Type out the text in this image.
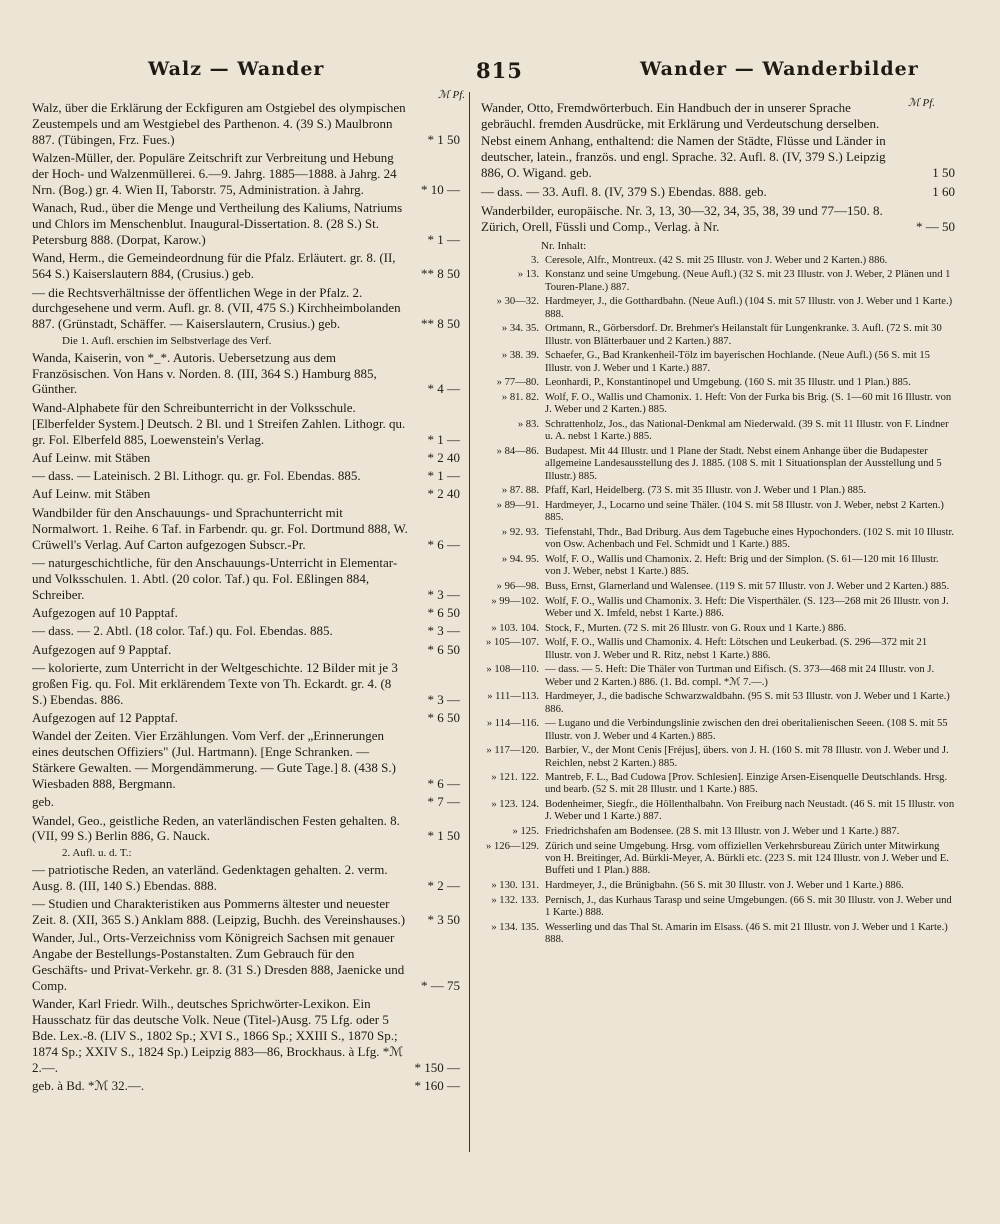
Walz — Wander	815	Wander — Wanderbilder
ℳ Pf.
ℳ Pf.
Walz, über die Erklärung der Eckfiguren am Ostgiebel des olympischen Zeustempels und am Westgiebel des Parthenon. 4. (39 S.) Maulbronn 887. (Tübingen, Frz. Fues.)	* 1 50
Walzen-Müller, der. Populäre Zeitschrift zur Verbreitung und Hebung der Hoch- und Walzenmüllerei. 6.—9. Jahrg. 1885—1888. à Jahrg. 24 Nrn. (Bog.) gr. 4. Wien II, Taborstr. 75, Administration. à Jahrg.	* 10 —
Wanach, Rud., über die Menge und Vertheilung des Kaliums, Natriums und Chlors im Menschenblut. Inaugural-Dissertation. 8. (28 S.) St. Petersburg 888. (Dorpat, Karow.)	* 1 —
Wand, Herm., die Gemeindeordnung für die Pfalz. Erläutert. gr. 8. (II, 564 S.) Kaiserslautern 884, (Crusius.) geb.	** 8 50
— die Rechtsverhältnisse der öffentlichen Wege in der Pfalz. 2. durchgesehene und verm. Aufl. gr. 8. (VII, 475 S.) Kirchheimbolanden 887. (Grünstadt, Schäffer. — Kaiserslautern, Crusius.) geb.	** 8 50
Die 1. Aufl. erschien im Selbstverlage des Verf.
Wanda, Kaiserin, von *_*. Autoris. Uebersetzung aus dem Französischen. Von Hans v. Norden. 8. (III, 364 S.) Hamburg 885, Günther.	* 4 —
Wand-Alphabete für den Schreibunterricht in der Volksschule. [Elberfelder System.] Deutsch. 2 Bl. und 1 Streifen Zahlen. Lithogr. qu. gr. Fol. Elberfeld 885, Loewenstein's Verlag.	* 1 —
Auf Leinw. mit Stäben	* 2 40
— dass. — Lateinisch. 2 Bl. Lithogr. qu. gr. Fol. Ebendas. 885.	* 1 —
Auf Leinw. mit Stäben	* 2 40
Wandbilder für den Anschauungs- und Sprachunterricht mit Normalwort. 1. Reihe. 6 Taf. in Farbendr. qu. gr. Fol. Dortmund 888, W. Crüwell's Verlag. Auf Carton aufgezogen Subscr.-Pr.	* 6 —
— naturgeschichtliche, für den Anschauungs-Unterricht in Elementar- und Volksschulen. 1. Abtl. (20 color. Taf.) qu. Fol. Eßlingen 884, Schreiber.	* 3 —
Aufgezogen auf 10 Papptaf.	* 6 50
— dass. — 2. Abtl. (18 color. Taf.) qu. Fol. Ebendas. 885.	* 3 —
Aufgezogen auf 9 Papptaf.	* 6 50
— kolorierte, zum Unterricht in der Weltgeschichte. 12 Bilder mit je 3 großen Fig. qu. Fol. Mit erklärendem Texte von Th. Eckardt. gr. 4. (8 S.) Ebendas. 886.	* 3 —
Aufgezogen auf 12 Papptaf.	* 6 50
Wandel der Zeiten. Vier Erzählungen. Vom Verf. der „Erinnerungen eines deutschen Offiziers" (Jul. Hartmann). [Enge Schranken. — Stärkere Gewalten. — Morgendämmerung. — Gute Tage.] 8. (438 S.) Wiesbaden 888, Bergmann.	* 6 —
geb.	* 7 —
Wandel, Geo., geistliche Reden, an vaterländischen Festen gehalten. 8. (VII, 99 S.) Berlin 886, G. Nauck.	* 1 50
2. Aufl. u. d. T.:
— patriotische Reden, an vaterländ. Gedenktagen gehalten. 2. verm. Ausg. 8. (III, 140 S.) Ebendas. 888.	* 2 —
— Studien und Charakteristiken aus Pommerns ältester und neuester Zeit. 8. (XII, 365 S.) Anklam 888. (Leipzig, Buchh. des Vereinshauses.)	* 3 50
Wander, Jul., Orts-Verzeichniss vom Königreich Sachsen mit genauer Angabe der Bestellungs-Postanstalten. Zum Gebrauch für den Geschäfts- und Privat-Verkehr. gr. 8. (31 S.) Dresden 888, Jaenicke und Comp.	* — 75
Wander, Karl Friedr. Wilh., deutsches Sprichwörter-Lexikon. Ein Hausschatz für das deutsche Volk. Neue (Titel-)Ausg. 75 Lfg. oder 5 Bde. Lex.-8. (LIV S., 1802 Sp.; XVI S., 1866 Sp.; XXIII S., 1870 Sp.; 1874 Sp.; XXIV S., 1824 Sp.) Leipzig 883—86, Brockhaus. à Lfg. *ℳ 2.—.	* 150 —
geb. à Bd. *ℳ 32.—.	* 160 —
Wander, Otto, Fremdwörterbuch. Ein Handbuch der in unserer Sprache gebräuchl. fremden Ausdrücke, mit Erklärung und Verdeutschung derselben. Nebst einem Anhang, enthaltend: die Namen der Städte, Flüsse und Länder in deutscher, latein., französ. und engl. Sprache. 32. Aufl. 8. (IV, 379 S.) Leipzig 886, O. Wigand. geb.	1 50
— dass. — 33. Aufl. 8. (IV, 379 S.) Ebendas. 888. geb.	1 60
Wanderbilder, europäische. Nr. 3, 13, 30—32, 34, 35, 38, 39 und 77—150. 8. Zürich, Orell, Füssli und Comp., Verlag. à Nr.	* — 50
Nr. Inhalt:
3. Ceresole, Alfr., Montreux. (42 S. mit 25 Illustr. von J. Weber und 2 Karten.) 886.
» 13. Konstanz und seine Umgebung. (Neue Aufl.) (32 S. mit 23 Illustr. von J. Weber, 2 Plänen und 1 Touren-Plane.) 887.
» 30—32. Hardmeyer, J., die Gotthardbahn. (Neue Aufl.) (104 S. mit 57 Illustr. von J. Weber und 1 Karte.) 888.
» 34. 35. Ortmann, R., Görbersdorf. Dr. Brehmer's Heilanstalt für Lungenkranke. 3. Aufl. (72 S. mit 30 Illustr. von Blätterbauer und 2 Karten.) 887.
» 38. 39. Schaefer, G., Bad Krankenheil-Tölz im bayerischen Hochlande. (Neue Aufl.) (56 S. mit 15 Illustr. von J. Weber und 1 Karte.) 887.
» 77—80. Leonhardi, P., Konstantinopel und Umgebung. (160 S. mit 35 Illustr. und 1 Plan.) 885.
» 81. 82. Wolf, F. O., Wallis und Chamonix. 1. Heft: Von der Furka bis Brig. (S. 1—60 mit 16 Illustr. von J. Weber und 2 Karten.) 885.
» 83. Schrattenholz, Jos., das National-Denkmal am Niederwald. (39 S. mit 11 Illustr. von F. Lindner u. A. nebst 1 Karte.) 885.
» 84—86. Budapest. Mit 44 Illustr. und 1 Plane der Stadt. Nebst einem Anhange über die Budapester allgemeine Landesausstellung des J. 1885. (108 S. mit 1 Situationsplan der Ausstellung und 5 Illustr.) 885.
» 87. 88. Pfaff, Karl, Heidelberg. (73 S. mit 35 Illustr. von J. Weber und 1 Plan.) 885.
» 89—91. Hardmeyer, J., Locarno und seine Thäler. (104 S. mit 58 Illustr. von J. Weber, nebst 2 Karten.) 885.
» 92. 93. Tiefenstahl, Thdr., Bad Driburg. Aus dem Tagebuche eines Hypochonders. (102 S. mit 10 Illustr. von Osw. Achenbach und Fel. Schmidt und 1 Karte.) 885.
» 94. 95. Wolf, F. O., Wallis und Chamonix. 2. Heft: Brig und der Simplon. (S. 61—120 mit 16 Illustr. von J. Weber, nebst 1 Karte.) 885.
» 96—98. Buss, Ernst, Glarnerland und Walensee. (119 S. mit 57 Illustr. von J. Weber und 2 Karten.) 885.
» 99—102. Wolf, F. O., Wallis und Chamonix. 3. Heft: Die Visperthäler. (S. 123—268 mit 26 Illustr. von J. Weber und X. Imfeld, nebst 1 Karte.) 886.
» 103. 104. Stock, F., Murten. (72 S. mit 26 Illustr. von G. Roux und 1 Karte.) 886.
» 105—107. Wolf, F. O., Wallis und Chamonix. 4. Heft: Lötschen und Leukerbad. (S. 296—372 mit 21 Illustr. von J. Weber und R. Ritz, nebst 1 Karte.) 886.
» 108—110. — dass. — 5. Heft: Die Thäler von Turtman und Eifisch. (S. 373—468 mit 24 Illustr. von J. Weber und 2 Karten.) 886. (1. Bd. compl. *ℳ 7.—.)
» 111—113. Hardmeyer, J., die badische Schwarzwaldbahn. (95 S. mit 53 Illustr. von J. Weber und 1 Karte.) 886.
» 114—116. — Lugano und die Verbindungslinie zwischen den drei oberitalienischen Seeen. (108 S. mit 55 Illustr. von J. Weber und 4 Karten.) 885.
» 117—120. Barbier, V., der Mont Cenis [Fréjus], übers. von J. H. (160 S. mit 78 Illustr. von J. Weber und J. Reichlen, nebst 2 Karten.) 885.
» 121. 122. Mantreb, F. L., Bad Cudowa [Prov. Schlesien]. Einzige Arsen-Eisenquelle Deutschlands. Hrsg. und bearb. (52 S. mit 28 Illustr. und 1 Karte.) 885.
» 123. 124. Bodenheimer, Siegfr., die Höllenthalbahn. Von Freiburg nach Neustadt. (46 S. mit 15 Illustr. von J. Weber und 1 Karte.) 887.
» 125. Friedrichshafen am Bodensee. (28 S. mit 13 Illustr. von J. Weber und 1 Karte.) 887.
» 126—129. Zürich und seine Umgebung. Hrsg. vom offiziellen Verkehrsbureau Zürich unter Mitwirkung von H. Breitinger, Ad. Bürkli-Meyer, A. Bürkli etc. (223 S. mit 124 Illustr. von J. Weber und E. Buffeti und 1 Plan.) 888.
» 130. 131. Hardmeyer, J., die Brünigbahn. (56 S. mit 30 Illustr. von J. Weber und 1 Karte.) 886.
» 132. 133. Pernisch, J., das Kurhaus Tarasp und seine Umgebungen. (66 S. mit 30 Illustr. von J. Weber und 1 Karte.) 888.
» 134. 135. Wesserling und das Thal St. Amarin im Elsass. (46 S. mit 21 Illustr. von J. Weber und 1 Karte.) 888.
